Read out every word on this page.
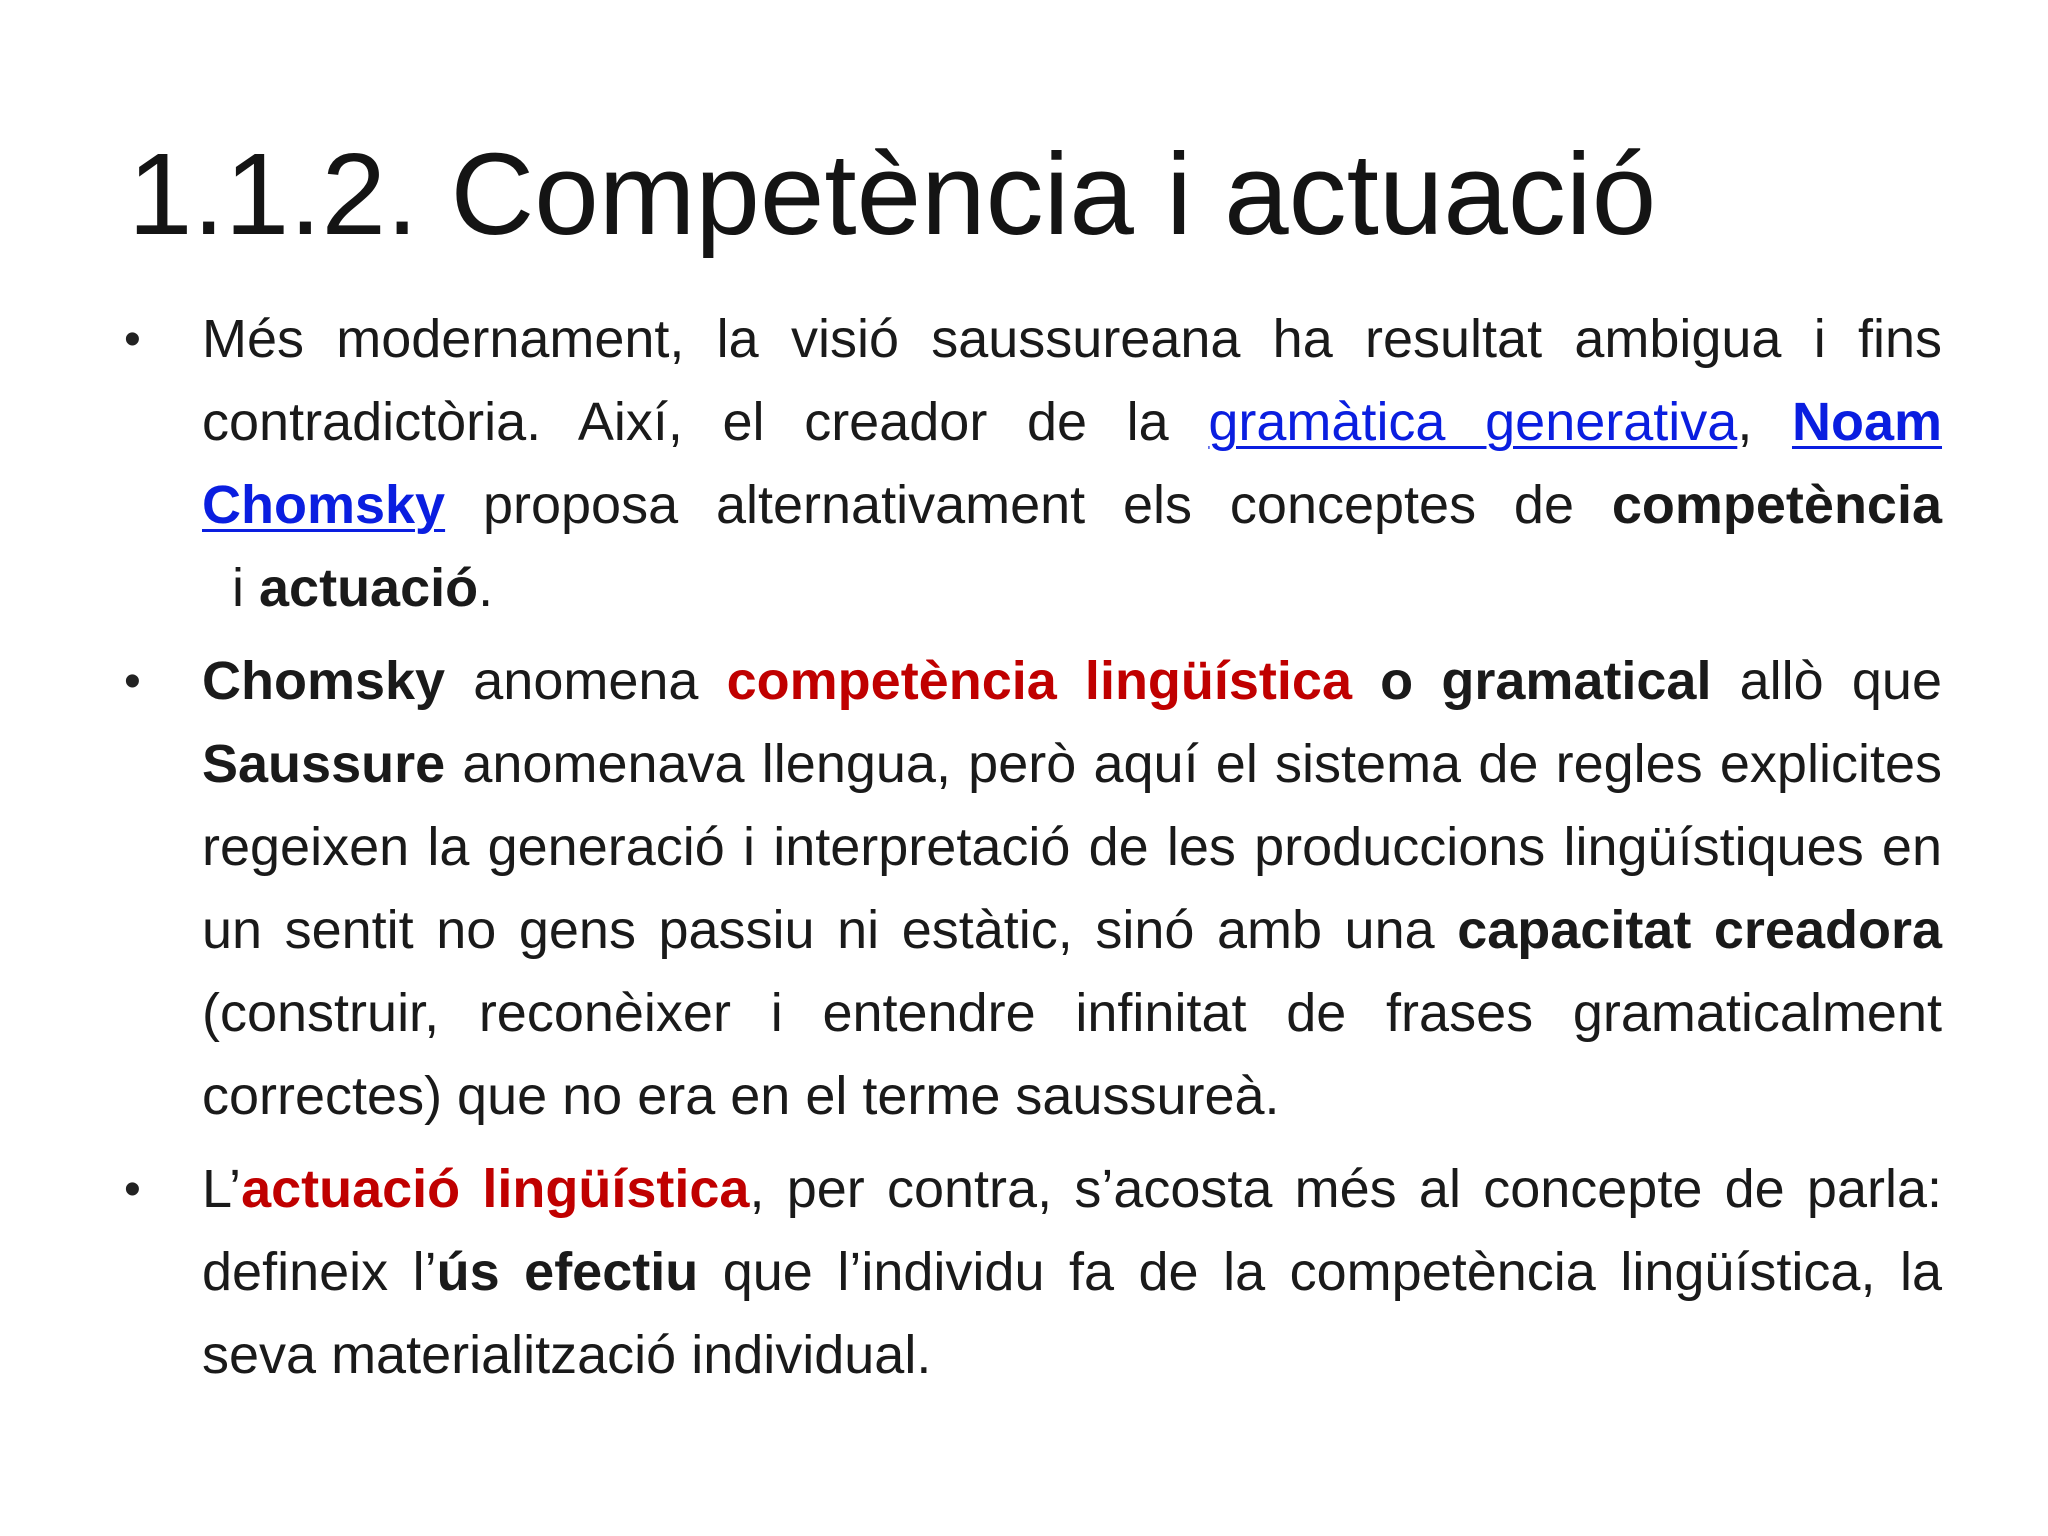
1.1.2. Competència i actuació
•	Més modernament, la visió saussureana ha resultat ambigua i fins contradictòria. Així, el creador de la gramàtica generativa, Noam Chomsky proposa alternativament els conceptes de competència  i actuació.
•	Chomsky anomena competència lingüística o gramatical allò que Saussure anomenava llengua, però aquí el sistema de regles explicites regeixen la generació i interpretació de les produccions lingüístiques en un sentit no gens passiu ni estàtic, sinó amb una capacitat creadora (construir, reconèixer i entendre infinitat de frases gramaticalment correctes) que no era en el terme saussureà.
•	L’actuació lingüística, per contra, s’acosta més al concepte de parla: defineix l’ús efectiu que l’individu fa de la competència lingüística, la seva materialització individual.
